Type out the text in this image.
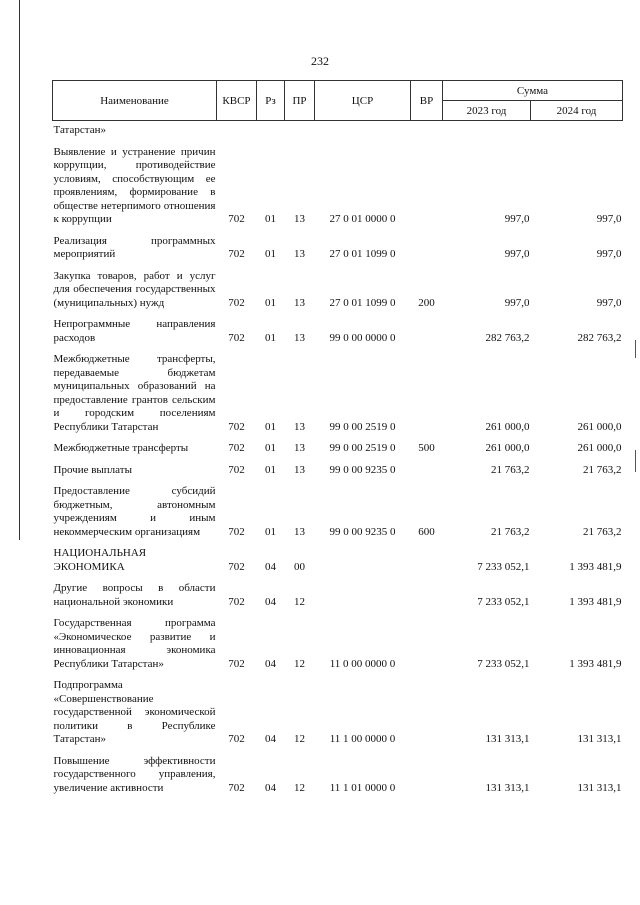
232
Наименование	КВСР	Рз	ПР	ЦСР	ВР	Сумма	
						2023 год	2024 год
Татарстан»							
Выявление и устранение причин коррупции, противодействие условиям, способствующим ее проявлениям, формирование в обществе нетерпимого отношения к коррупции	702	01	13	27 0 01 0000 0		997,0	997,0
Реализация программных мероприятий	702	01	13	27 0 01 1099 0		997,0	997,0
Закупка товаров, работ и услуг для обеспечения государственных (муниципальных) нужд	702	01	13	27 0 01 1099 0	200	997,0	997,0
Непрограммные направления расходов	702	01	13	99 0 00 0000 0		282 763,2	282 763,2
Межбюджетные трансферты, передаваемые бюджетам муниципальных образований на предоставление грантов сельским и городским поселениям Республики Татарстан	702	01	13	99 0 00 2519 0		261 000,0	261 000,0
Межбюджетные трансферты	702	01	13	99 0 00 2519 0	500	261 000,0	261 000,0
Прочие выплаты	702	01	13	99 0 00 9235 0		21 763,2	21 763,2
Предоставление субсидий бюджетным, автономным учреждениям и иным некоммерческим организациям	702	01	13	99 0 00 9235 0	600	21 763,2	21 763,2
НАЦИОНАЛЬНАЯ ЭКОНОМИКА	702	04	00			7 233 052,1	1 393 481,9
Другие вопросы в области национальной экономики	702	04	12			7 233 052,1	1 393 481,9
Государственная программа «Экономическое развитие и инновационная экономика Республики Татарстан»	702	04	12	11 0 00 0000 0		7 233 052,1	1 393 481,9
Подпрограмма «Совершенствование государственной экономической политики в Республике Татарстан»	702	04	12	11 1 00 0000 0		131 313,1	131 313,1
Повышение эффективности государственного управления, увеличение активности	702	04	12	11 1 01 0000 0		131 313,1	131 313,1
